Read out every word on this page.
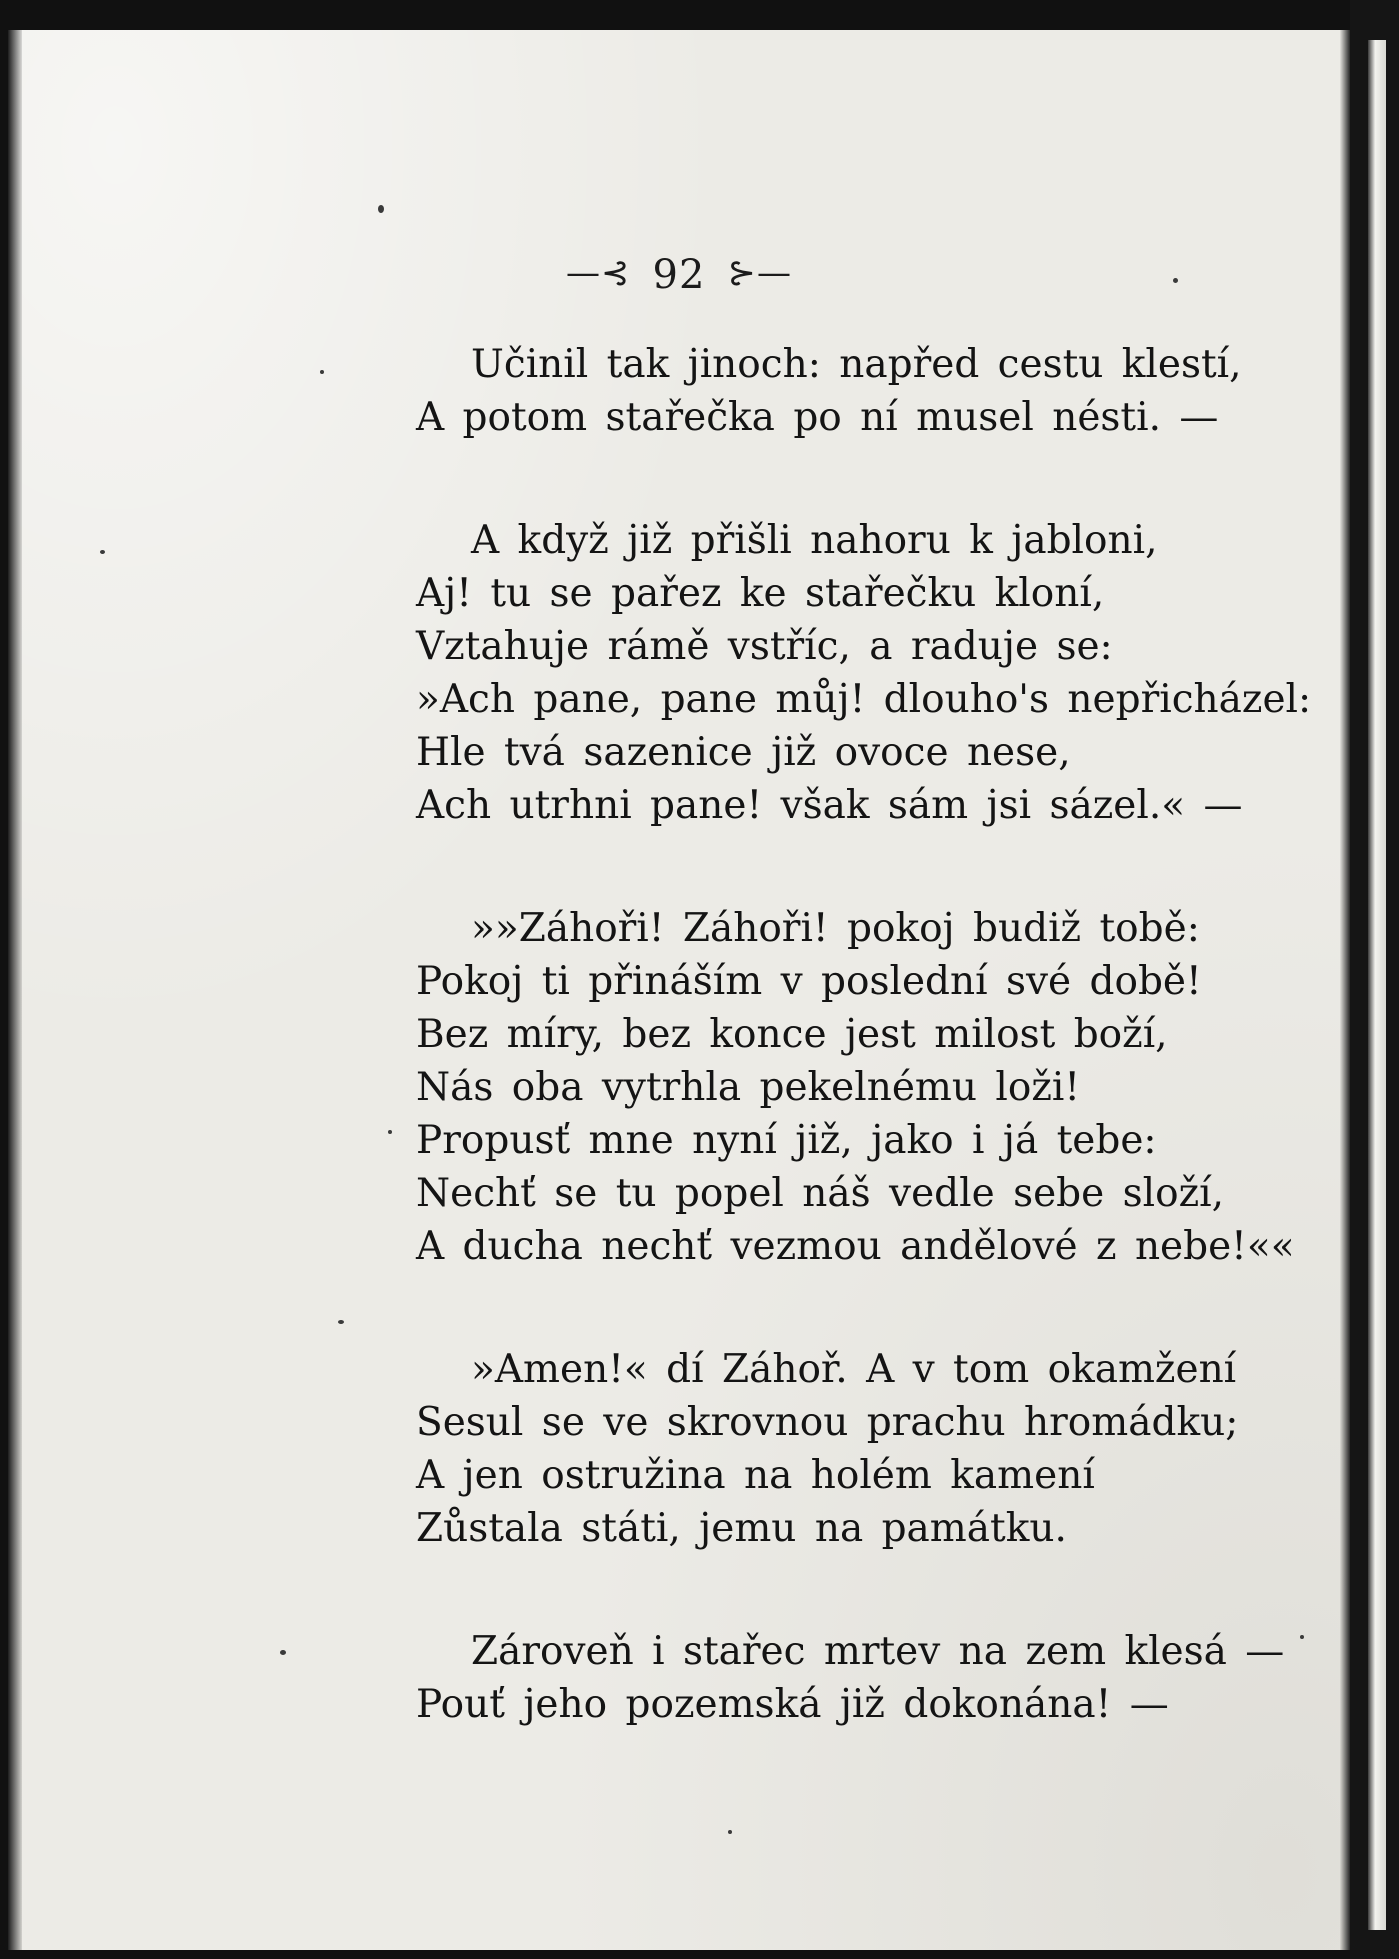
—⊰ 92 ⊱—
Učinil tak jinoch: napřed cestu klestí,
A potom stařečka po ní musel nésti. —
A když již přišli nahoru k jabloni,
Aj! tu se pařez ke stařečku kloní,
Vztahuje rámě vstříc, a raduje se:
»Ach pane, pane můj! dlouho's nepřicházel:
Hle tvá sazenice již ovoce nese,
Ach utrhni pane! však sám jsi sázel.« —
»»Záhoři! Záhoři! pokoj budiž tobě:
Pokoj ti přináším v poslední své době!
Bez míry, bez konce jest milost boží,
Nás oba vytrhla pekelnému loži!
Propusť mne nyní již, jako i já tebe:
Nechť se tu popel náš vedle sebe složí,
A ducha nechť vezmou andělové z nebe!««
»Amen!« dí Záhoř. A v tom okamžení
Sesul se ve skrovnou prachu hromádku;
A jen ostružina na holém kamení
Zůstala státi, jemu na památku.
Zároveň i stařec mrtev na zem klesá —
Pouť jeho pozemská již dokonána! —
